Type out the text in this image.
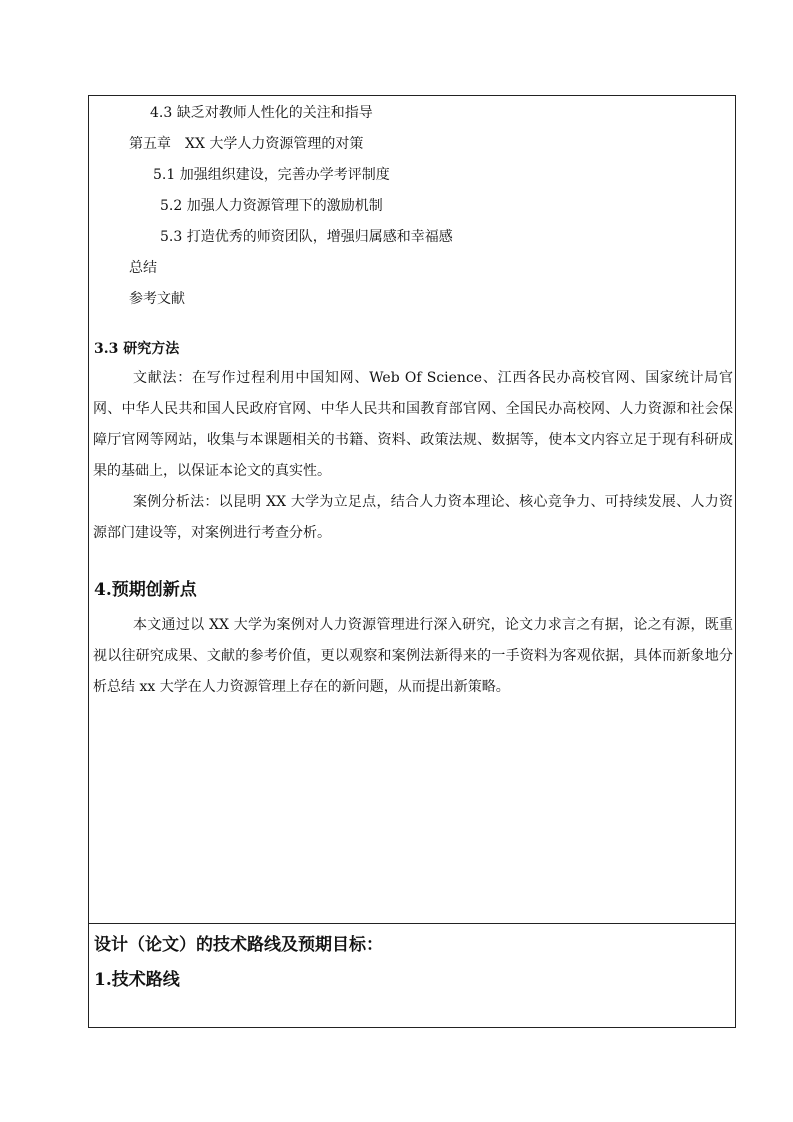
4.3 缺乏对教师人性化的关注和指导
第五章　XX 大学人力资源管理的对策
5.1 加强组织建设，完善办学考评制度
5.2 加强人力资源管理下的激励机制
5.3 打造优秀的师资团队，增强归属感和幸福感
总结
参考文献
3.3 研究方法
文献法：在写作过程利用中国知网、Web Of Science、江西各民办高校官网、国家统计局官网、中华人民共和国人民政府官网、中华人民共和国教育部官网、全国民办高校网、人力资源和社会保障厅官网等网站，收集与本课题相关的书籍、资料、政策法规、数据等，使本文内容立足于现有科研成果的基础上，以保证本论文的真实性。
案例分析法：以昆明 XX 大学为立足点，结合人力资本理论、核心竞争力、可持续发展、人力资源部门建设等，对案例进行考查分析。
4.预期创新点
本文通过以 XX 大学为案例对人力资源管理进行深入研究，论文力求言之有据，论之有源，既重视以往研究成果、文献的参考价值，更以观察和案例法新得来的一手资料为客观依据，具体而新象地分析总结 xx 大学在人力资源管理上存在的新问题，从而提出新策略。
设计（论文）的技术路线及预期目标：
1.技术路线
